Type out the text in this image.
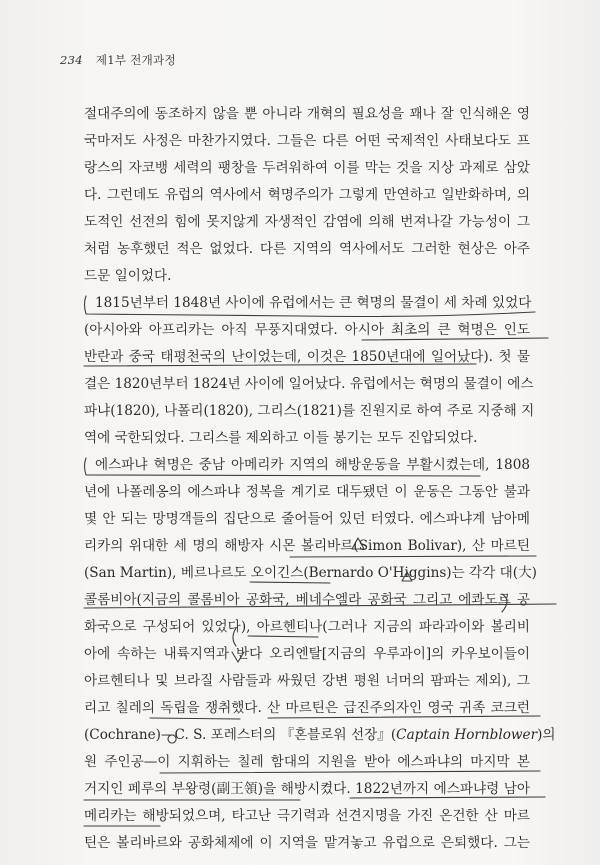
234 제1부 전개과정
절대주의에 동조하지 않을 뿐 아니라 개혁의 필요성을 꽤나 잘 인식해온 영
국마저도 사정은 마찬가지였다. 그들은 다른 어떤 국제적인 사태보다도 프
랑스의 자코뱅 세력의 팽창을 두려워하여 이를 막는 것을 지상 과제로 삼았
다. 그런데도 유럽의 역사에서 혁명주의가 그렇게 만연하고 일반화하며, 의
도적인 선전의 힘에 못지않게 자생적인 감염에 의해 번져나갈 가능성이 그
처럼 농후했던 적은 없었다. 다른 지역의 역사에서도 그러한 현상은 아주
드문 일이었다.
1815년부터 1848년 사이에 유럽에서는 큰 혁명의 물결이 세 차례 있었다
(아시아와 아프리카는 아직 무풍지대였다. 아시아 최초의 큰 혁명은 인도
반란과 중국 태평천국의 난이었는데, 이것은 1850년대에 일어났다). 첫 물
결은 1820년부터 1824년 사이에 일어났다. 유럽에서는 혁명의 물결이 에스
파냐(1820), 나폴리(1820), 그리스(1821)를 진원지로 하여 주로 지중해 지
역에 국한되었다. 그리스를 제외하고 이들 봉기는 모두 진압되었다.
에스파냐 혁명은 중남 아메리카 지역의 해방운동을 부활시켰는데, 1808
년에 나폴레옹의 에스파냐 정복을 계기로 대두됐던 이 운동은 그동안 불과
몇 안 되는 망명객들의 집단으로 줄어들어 있던 터였다. 에스파냐계 남아메
리카의 위대한 세 명의 해방자 시몬 볼리바르(Simon Bolivar), 산 마르틴
(San Martin), 베르나르도 오이긴스(Bernardo O'Higgins)는 각각 대(大)
콜롬비아(지금의 콜롬비아 공화국, 베네수엘라 공화국 그리고 에콰도르 공
화국으로 구성되어 있었다), 아르헨티나(그러나 지금의 파라과이와 볼리비
아에 속하는 내륙지역과 반다 오리엔탈[지금의 우루과이]의 카우보이들이
아르헨티나 및 브라질 사람들과 싸웠던 강변 평원 너머의 팜파는 제외), 그
리고 칠레의 독립을 쟁취했다. 산 마르틴은 급진주의자인 영국 귀족 코크런
(Cochrane)—C. S. 포레스터의 『혼블로워 선장』(Captain Hornblower)의
원 주인공—이 지휘하는 칠레 함대의 지원을 받아 에스파냐의 마지막 본
거지인 페루의 부왕령(副王領)을 해방시켰다. 1822년까지 에스파냐령 남아
메리카는 해방되었으며, 타고난 극기력과 선견지명을 가진 온건한 산 마르
틴은 볼리바르와 공화체제에 이 지역을 맡겨놓고 유럽으로 은퇴했다. 그는
